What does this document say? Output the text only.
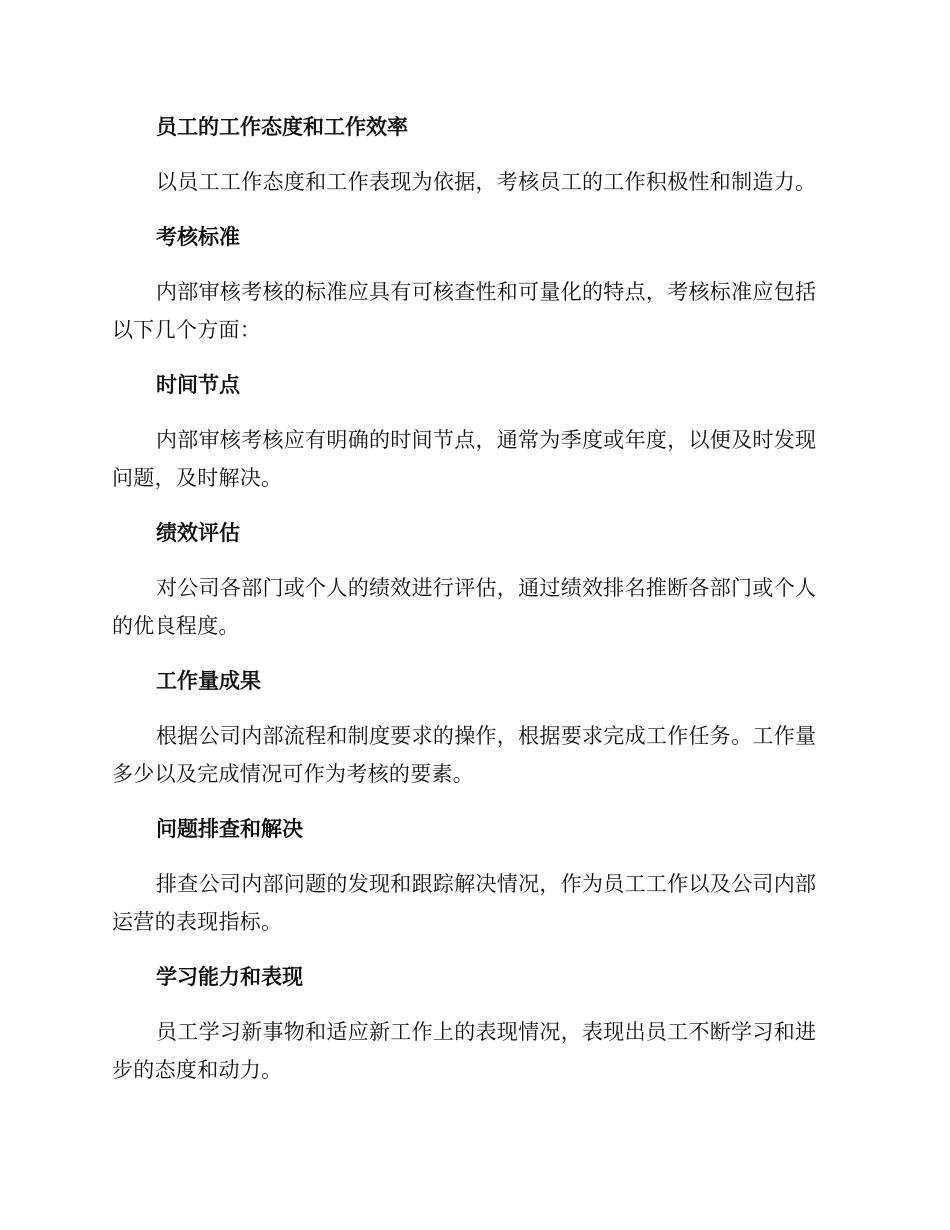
员工的工作态度和工作效率

以员工工作态度和工作表现为依据，考核员工的工作积极性和制造力。

考核标准

内部审核考核的标准应具有可核查性和可量化的特点，考核标准应包括以下几个方面：

时间节点

内部审核考核应有明确的时间节点，通常为季度或年度，以便及时发现问题，及时解决。

绩效评估

对公司各部门或个人的绩效进行评估，通过绩效排名推断各部门或个人的优良程度。

工作量成果

根据公司内部流程和制度要求的操作，根据要求完成工作任务。工作量多少以及完成情况可作为考核的要素。

问题排查和解决

排查公司内部问题的发现和跟踪解决情况，作为员工工作以及公司内部运营的表现指标。

学习能力和表现

员工学习新事物和适应新工作上的表现情况，表现出员工不断学习和进步的态度和动力。
